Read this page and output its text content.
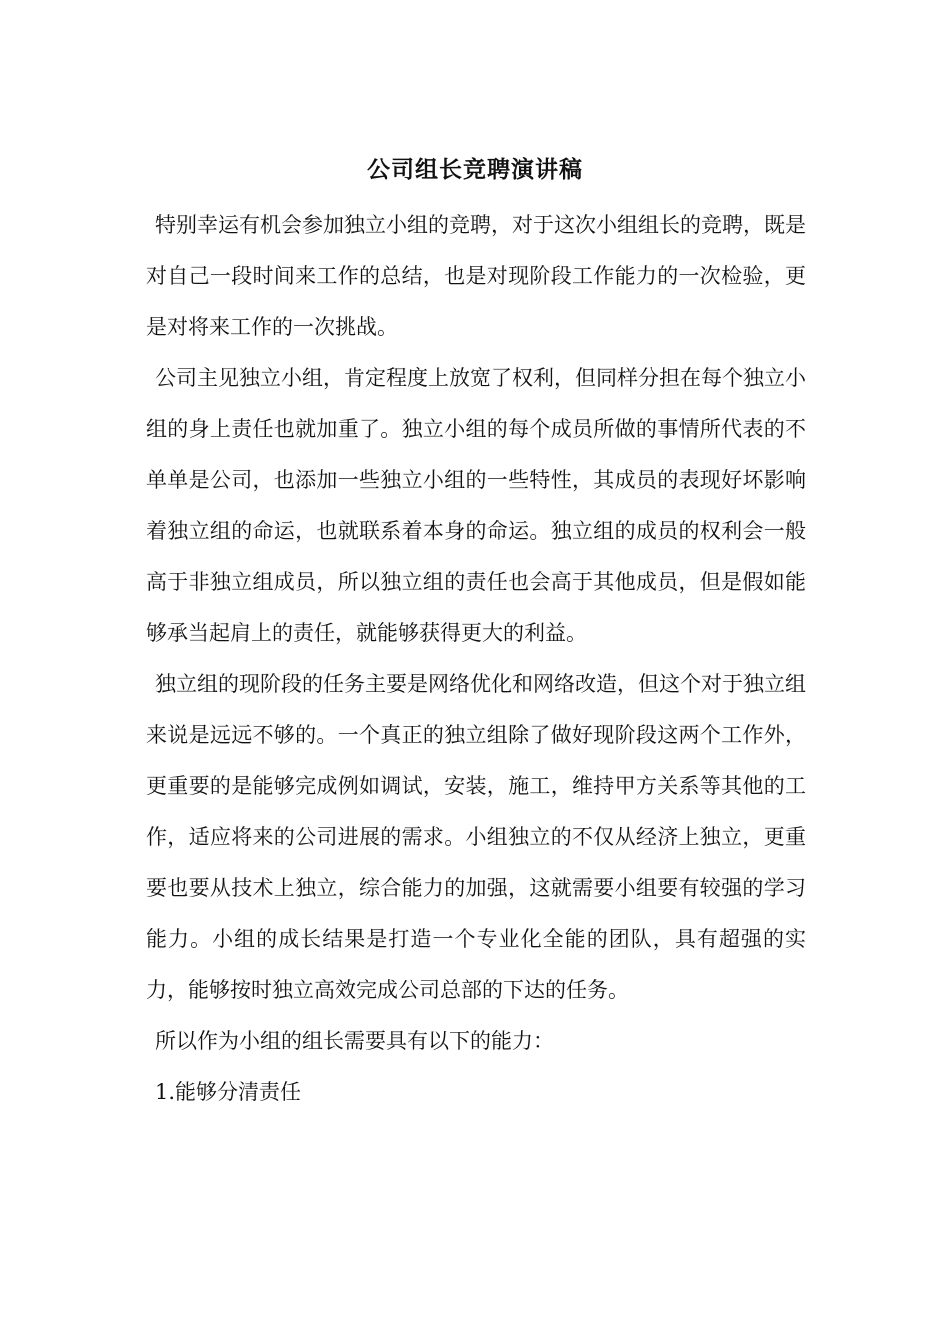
公司组长竞聘演讲稿

特别幸运有机会参加独立小组的竞聘，对于这次小组组长的竞聘，既是对自己一段时间来工作的总结，也是对现阶段工作能力的一次检验，更是对将来工作的一次挑战。

公司主见独立小组，肯定程度上放宽了权利，但同样分担在每个独立小组的身上责任也就加重了。独立小组的每个成员所做的事情所代表的不单单是公司，也添加一些独立小组的一些特性，其成员的表现好坏影响着独立组的命运，也就联系着本身的命运。独立组的成员的权利会一般高于非独立组成员，所以独立组的责任也会高于其他成员，但是假如能够承当起肩上的责任，就能够获得更大的利益。

独立组的现阶段的任务主要是网络优化和网络改造，但这个对于独立组来说是远远不够的。一个真正的独立组除了做好现阶段这两个工作外，更重要的是能够完成例如调试，安装，施工，维持甲方关系等其他的工作，适应将来的公司进展的需求。小组独立的不仅从经济上独立，更重要也要从技术上独立，综合能力的加强，这就需要小组要有较强的学习能力。小组的成长结果是打造一个专业化全能的团队，具有超强的实力，能够按时独立高效完成公司总部的下达的任务。

所以作为小组的组长需要具有以下的能力：

1.能够分清责任
